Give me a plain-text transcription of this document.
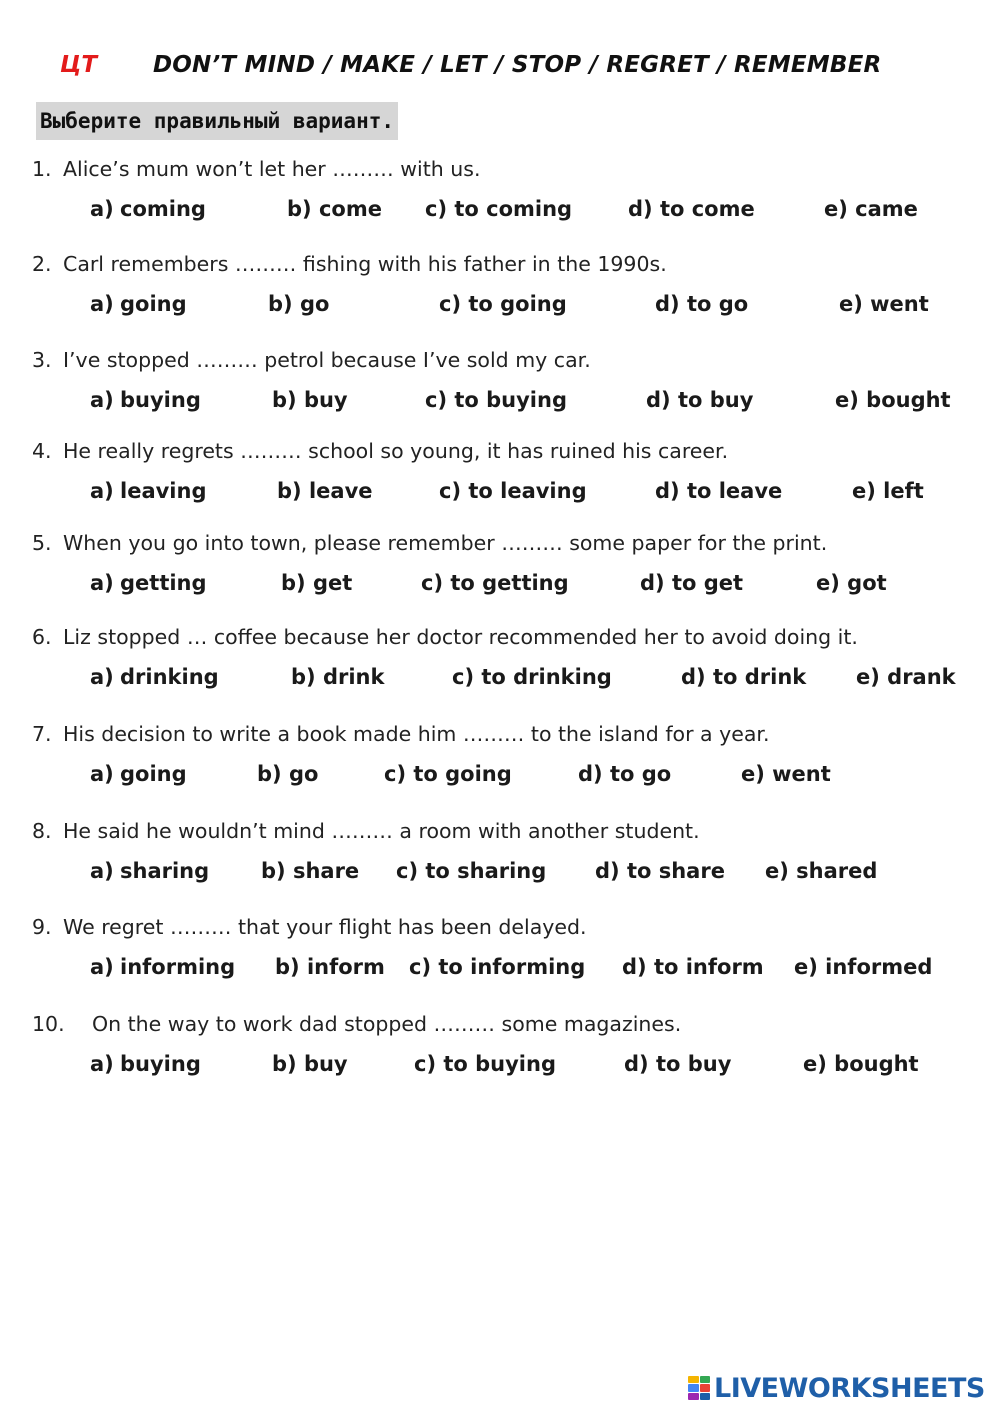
ЦТ DON’T MIND / MAKE / LET / STOP / REGRET / REMEMBER
Выберите правильный вариант.
1. Alice’s mum won’t let her ……… with us.
a) coming	b) come c) to coming	d) to come	e) came
2. Carl remembers ……… fishing with his father in the 1990s.
a) going	b) go	c) to going	d) to go	e) went
3. I’ve stopped ……… petrol because I’ve sold my car.
a) buying	b) buy	c) to buying	d) to buy	e) bought
4. He really regrets ……… school so young, it has ruined his career.
a) leaving	b) leave	c) to leaving	d) to leave	e) left
5. When you go into town, please remember ……… some paper for the print.
a) getting	b) get	c) to getting	d) to get	e) got
6. Liz stopped … coffee because her doctor recommended her to avoid doing it.
a) drinking	b) drink	c) to drinking	d) to drink e) drank
7. His decision to write a book made him ……… to the island for a year.
a) going	b) go	c) to going	d) to go	e) went
8. He said he wouldn’t mind ……… a room with another student.
a) sharing b) share c) to sharing d) to share e) shared
9. We regret ……… that your flight has been delayed.
a) informing b) inform c) to informing d) to inform e) informed
10. On the way to work dad stopped ……… some magazines.
a) buying	b) buy	c) to buying	d) to buy	e) bought
LIVEWORKSHEETS
